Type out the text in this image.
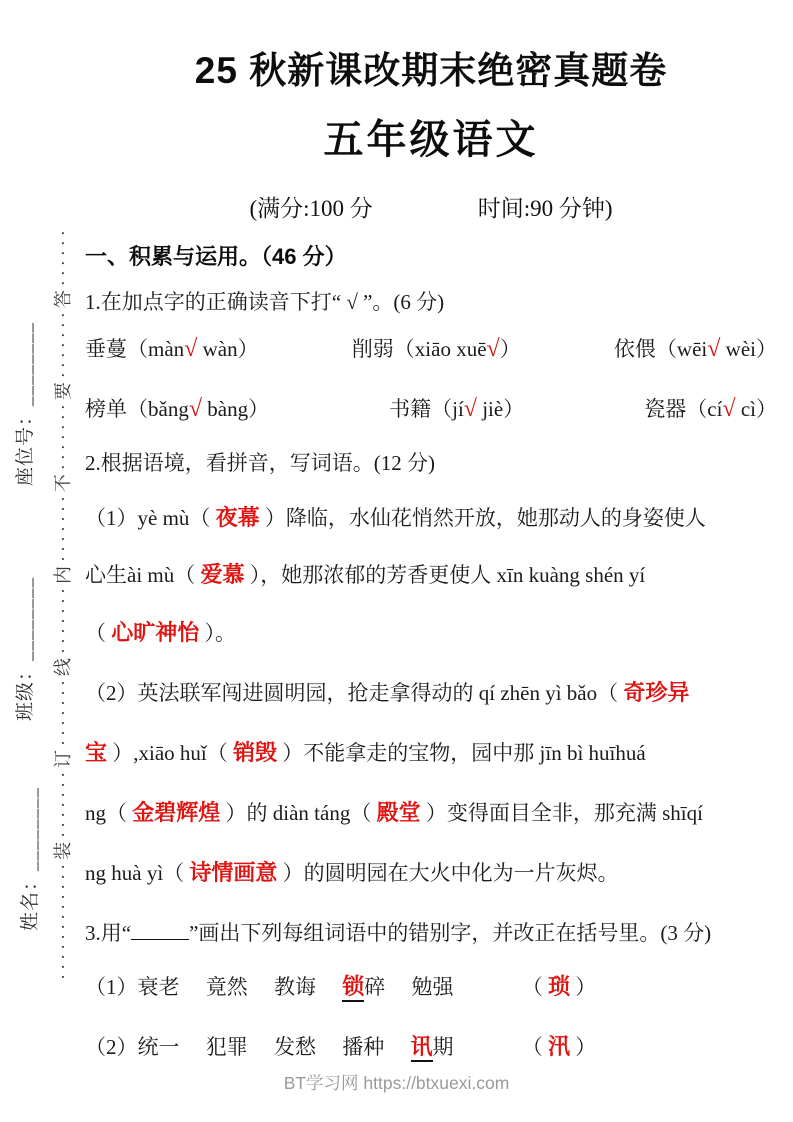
············装·······订·······线·······内·······不·······要·······答······
座位号：________
班级：________
姓名：________
25 秋新课改期末绝密真题卷
五年级语文
(满分:100 分	时间:90 分钟)
一、积累与运用。（46 分）
1.在加点字的正确读音下打“ √ ”。(6 分)
垂蔓（màn√ wàn）	削弱（xiāo xuē√）	依偎（wēi√ wèi）
榜单（bǎng√ bàng）	书籍（jí√ jiè）	瓷器（cí√ cì）
2.根据语境，看拼音，写词语。(12 分)
（1）yè mù（ 夜幕 ）降临，水仙花悄然开放，她那动人的身姿使人
心生ài mù（ 爱慕 ），她那浓郁的芳香更使人 xīn kuàng shén yí
（ 心旷神怡 ）。
（2）英法联军闯进圆明园，抢走拿得动的 qí zhēn yì bǎo（ 奇珍异
宝 ）,xiāo huǐ（ 销毁 ）不能拿走的宝物，园中那 jīn bì huīhuá
ng（ 金碧辉煌 ）的 diàn táng（ 殿堂 ）变得面目全非，那充满 shīqí
ng huà yì（ 诗情画意 ）的圆明园在大火中化为一片灰烬。
3.用“	”画出下列每组词语中的错别字，并改正在括号里。(3 分)
（1）衰老　 竟然　 教诲　 锁碎　 勉强　　　 （ 琐 ）
（2）统一　 犯罪　 发愁　 播种　 讯期　　　 （ 汛 ）
BT学习网 https://btxuexi.com
